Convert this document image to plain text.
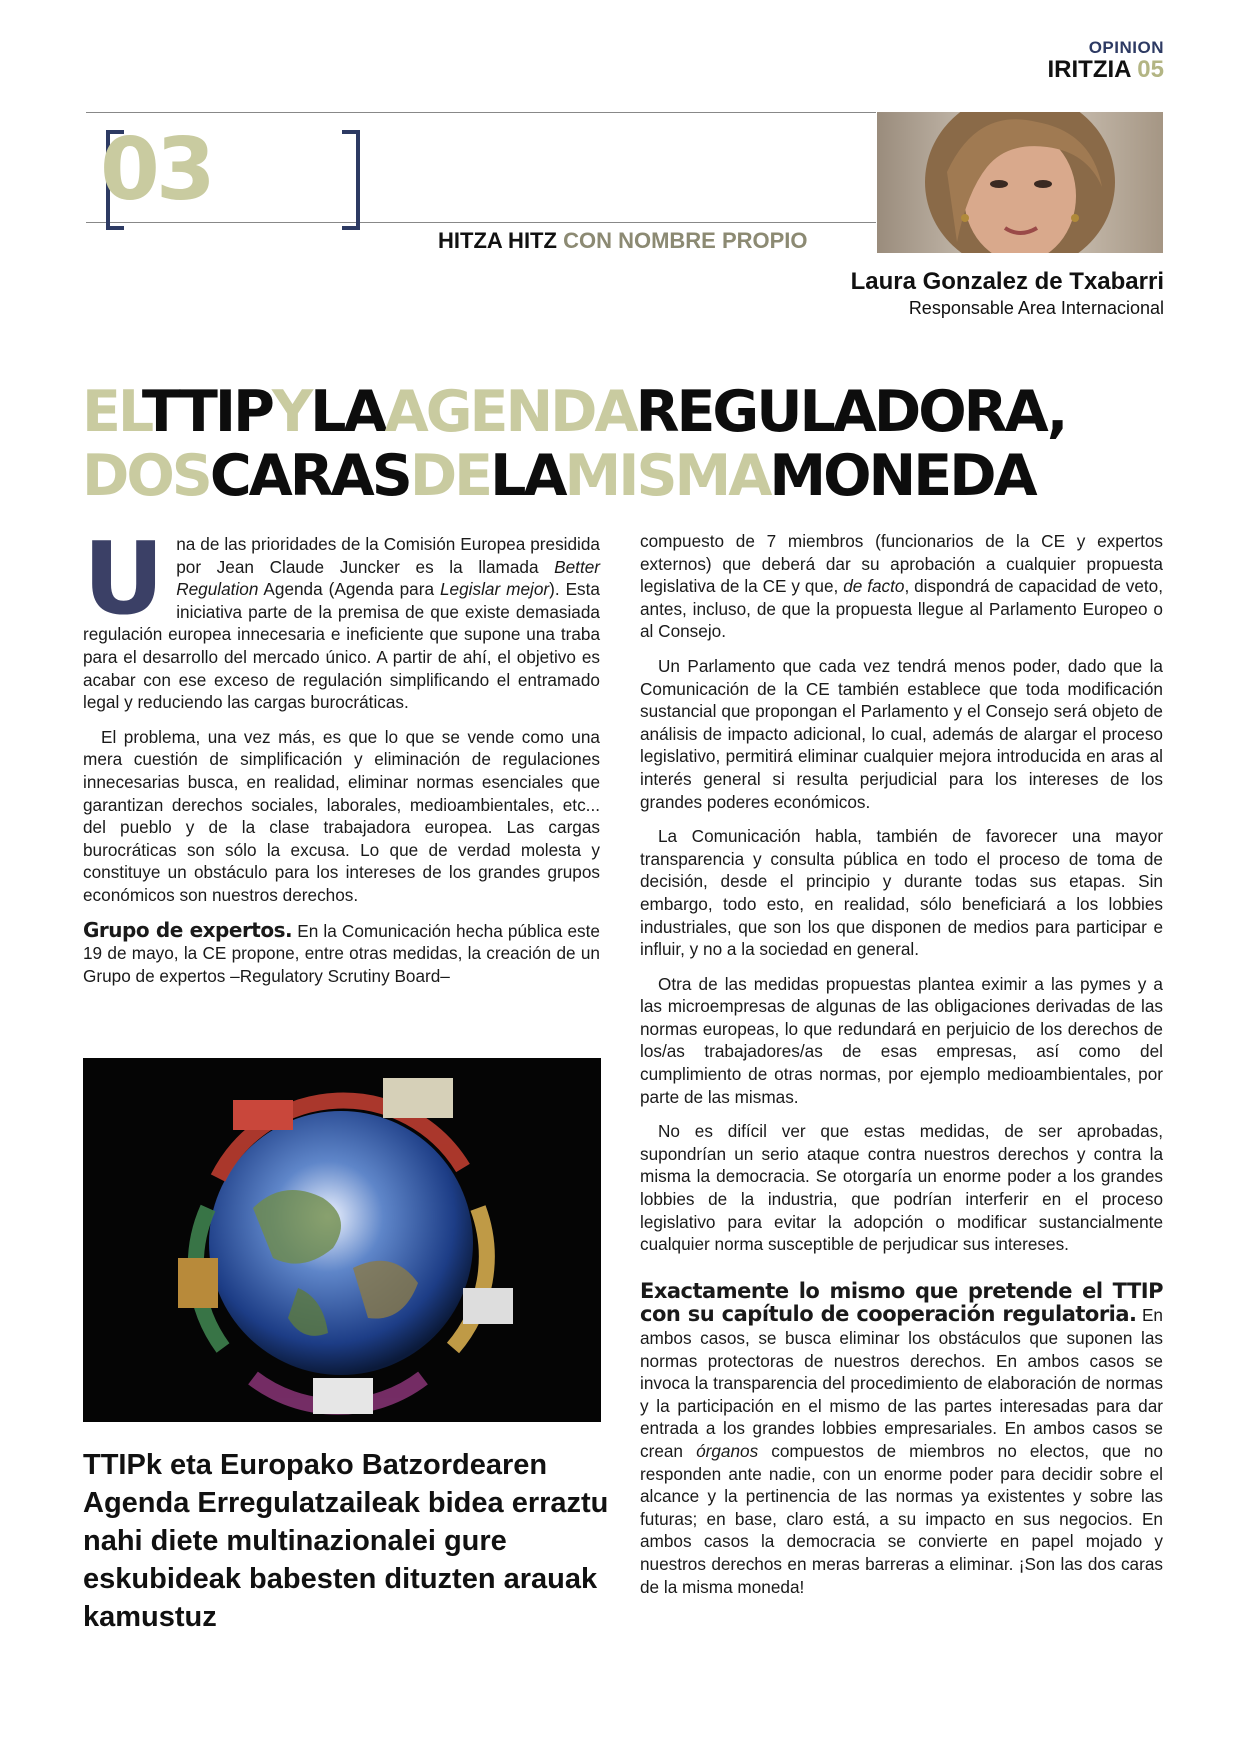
OPINION
IRITZIA 05
03
HITZA HITZ CON NOMBRE PROPIO
Laura Gonzalez de Txabarri
Responsable Area Internacional
ELTTIPYLAAGENDAREGULADORA,
DOSCARASDELAMISMAMONEDA

Una de las prioridades de la Comisión Europea presidida por Jean Claude Juncker es la llamada Better Regulation Agenda (Agenda para Legislar mejor). Esta iniciativa parte de la premisa de que existe demasiada regulación europea innecesaria e ineficiente que supone una traba para el desarrollo del mercado único. A partir de ahí, el objetivo es acabar con ese exceso de regulación simplificando el entramado legal y reduciendo las cargas burocráticas.

El problema, una vez más, es que lo que se vende como una mera cuestión de simplificación y eliminación de regulaciones innecesarias busca, en realidad, eliminar normas esenciales que garantizan derechos sociales, laborales, medioambientales, etc... del pueblo y de la clase trabajadora europea. Las cargas burocráticas son sólo la excusa. Lo que de verdad molesta y constituye un obstáculo para los intereses de los grandes grupos económicos son nuestros derechos.

Grupo de expertos. En la Comunicación hecha pública este 19 de mayo, la CE propone, entre otras medidas, la creación de un Grupo de expertos –Regulatory Scrutiny Board–

TTIPk eta Europako Batzordearen Agenda Erregulatzaileak bidea erraztu nahi diete multinazionalei gure eskubideak babesten dituzten arauak kamustuz

compuesto de 7 miembros (funcionarios de la CE y expertos externos) que deberá dar su aprobación a cualquier propuesta legislativa de la CE y que, de facto, dispondrá de capacidad de veto, antes, incluso, de que la propuesta llegue al Parlamento Europeo o al Consejo.

Un Parlamento que cada vez tendrá menos poder, dado que la Comunicación de la CE también establece que toda modificación sustancial que propongan el Parlamento y el Consejo será objeto de análisis de impacto adicional, lo cual, además de alargar el proceso legislativo, permitirá eliminar cualquier mejora introducida en aras al interés general si resulta perjudicial para los intereses de los grandes poderes económicos.

La Comunicación habla, también de favorecer una mayor transparencia y consulta pública en todo el proceso de toma de decisión, desde el principio y durante todas sus etapas. Sin embargo, todo esto, en realidad, sólo beneficiará a los lobbies industriales, que son los que disponen de medios para participar e influir, y no a la sociedad en general.

Otra de las medidas propuestas plantea eximir a las pymes y a las microempresas de algunas de las obligaciones derivadas de las normas europeas, lo que redundará en perjuicio de los derechos de los/as trabajadores/as de esas empresas, así como del cumplimiento de otras normas, por ejemplo medioambientales, por parte de las mismas.

No es difícil ver que estas medidas, de ser aprobadas, supondrían un serio ataque contra nuestros derechos y contra la misma la democracia. Se otorgaría un enorme poder a los grandes lobbies de la industria, que podrían interferir en el proceso legislativo para evitar la adopción o modificar sustancialmente cualquier norma susceptible de perjudicar sus intereses.

Exactamente lo mismo que pretende el TTIP con su capítulo de cooperación regulatoria. En ambos casos, se busca eliminar los obstáculos que suponen las normas protectoras de nuestros derechos. En ambos casos se invoca la transparencia del procedimiento de elaboración de normas y la participación en el mismo de las partes interesadas para dar entrada a los grandes lobbies empresariales. En ambos casos se crean órganos compuestos de miembros no electos, que no responden ante nadie, con un enorme poder para decidir sobre el alcance y la pertinencia de las normas ya existentes y sobre las futuras; en base, claro está, a su impacto en sus negocios. En ambos casos la democracia se convierte en papel mojado y nuestros derechos en meras barreras a eliminar. ¡Son las dos caras de la misma moneda!
